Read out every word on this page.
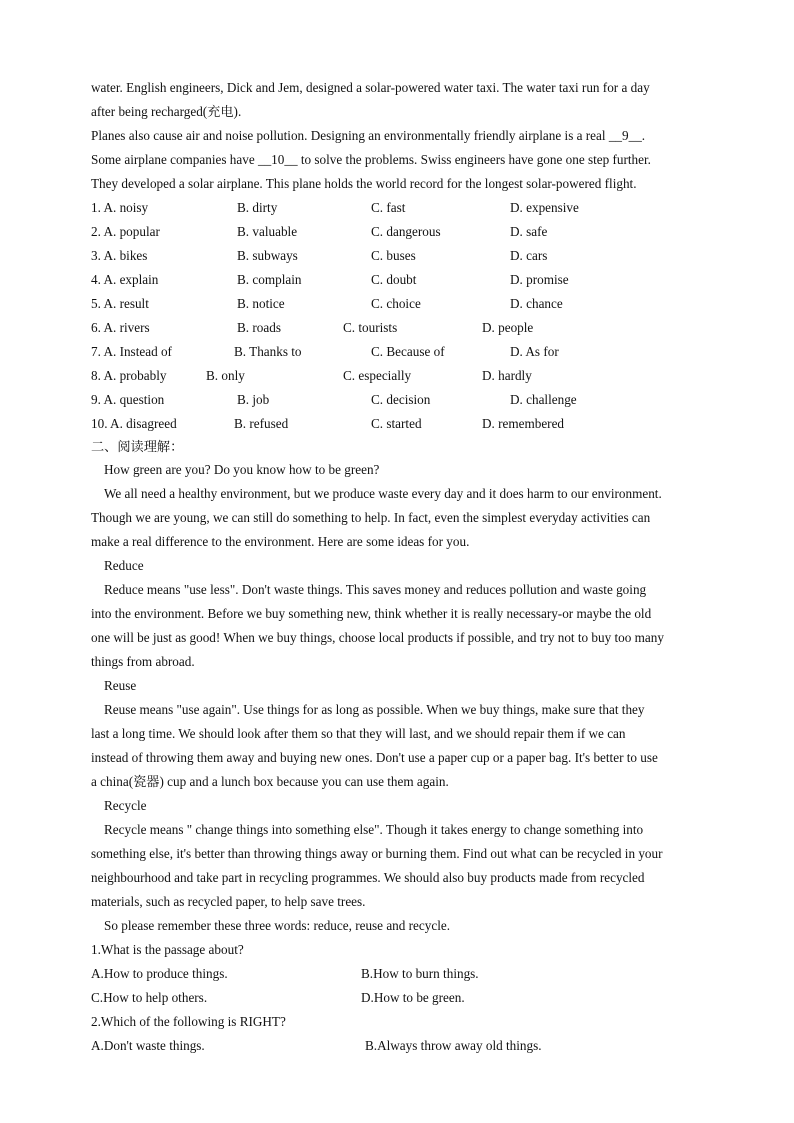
water. English engineers, Dick and Jem, designed a solar-powered water taxi. The water taxi run for a day

after being recharged(充电).

Planes also cause air and noise pollution. Designing an environmentally friendly airplane is a real __9__.

Some airplane companies have __10__ to solve the problems. Swiss engineers have gone one step further.

They developed a solar airplane. This plane holds the world record for the longest solar-powered flight.

1. A. noisy	B. dirty	C. fast	D. expensive
2. A. popular	B. valuable	C. dangerous	D. safe
3. A. bikes	B. subways	C. buses	D. cars
4. A. explain	B. complain	C. doubt	D. promise
5. A. result	B. notice	C. choice	D. chance
6. A. rivers	B. roads	C. tourists	D. people
7. A. Instead of	B. Thanks to	C. Because of	D. As for
8. A. probably	B. only	C. especially	D. hardly
9. A. question	B. job	C. decision	D. challenge
10. A. disagreed	B. refused	C. started	D. remembered

二、阅读理解：

How green are you? Do you know how to be green?

We all need a healthy environment, but we produce waste every day and it does harm to our environment.

Though we are young, we can still do something to help. In fact, even the simplest everyday activities can

make a real difference to the environment. Here are some ideas for you.

Reduce

Reduce means "use less". Don't waste things. This saves money and reduces pollution and waste going

into the environment. Before we buy something new, think whether it is really necessary-or maybe the old

one will be just as good! When we buy things, choose local products if possible, and try not to buy too many

things from abroad.

Reuse

Reuse means "use again". Use things for as long as possible. When we buy things, make sure that they

last a long time. We should look after them so that they will last, and we should repair them if we can

instead of throwing them away and buying new ones. Don't use a paper cup or a paper bag. It's better to use

a china(瓷器) cup and a lunch box because you can use them again.

Recycle

Recycle means " change things into something else". Though it takes energy to change something into

something else, it's better than throwing things away or burning them. Find out what can be recycled in your

neighbourhood and take part in recycling programmes. We should also buy products made from recycled

materials, such as recycled paper, to help save trees.

So please remember these three words: reduce, reuse and recycle.

1.What is the passage about?

A.How to produce things.	B.How to burn things.
C.How to help others.	D.How to be green.

2.Which of the following is RIGHT?

A.Don't waste things.	B.Always throw away old things.
